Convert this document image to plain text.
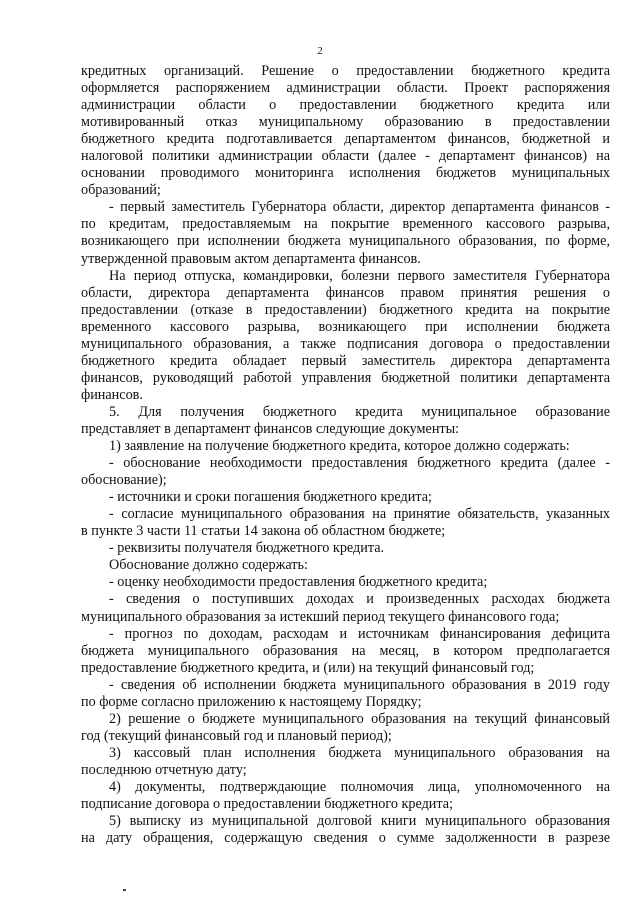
2
кредитных организаций. Решение о предоставлении бюджетного кредита
оформляется распоряжением администрации области. Проект распоряжения
администрации области о предоставлении бюджетного кредита или
мотивированный отказ муниципальному образованию в предоставлении
бюджетного кредита подготавливается департаментом финансов, бюджетной и
налоговой политики администрации области (далее - департамент финансов) на
основании проводимого мониторинга исполнения бюджетов муниципальных
образований;
- первый заместитель Губернатора области, директор департамента финансов -
по кредитам, предоставляемым на покрытие временного кассового разрыва,
возникающего при исполнении бюджета муниципального образования, по форме,
утвержденной правовым актом департамента финансов.
На период отпуска, командировки, болезни первого заместителя Губернатора
области, директора департамента финансов правом принятия решения о
предоставлении (отказе в предоставлении) бюджетного кредита на покрытие
временного кассового разрыва, возникающего при исполнении бюджета
муниципального образования, а также подписания договора о предоставлении
бюджетного кредита обладает первый заместитель директора департамента
финансов, руководящий работой управления бюджетной политики департамента
финансов.
5. Для получения бюджетного кредита муниципальное образование
представляет в департамент финансов следующие документы:
1) заявление на получение бюджетного кредита, которое должно содержать:
- обоснование необходимости предоставления бюджетного кредита (далее -
обоснование);
- источники и сроки погашения бюджетного кредита;
- согласие муниципального образования на принятие обязательств, указанных
в пункте 3 части 11 статьи 14 закона об областном бюджете;
- реквизиты получателя бюджетного кредита.
Обоснование должно содержать:
- оценку необходимости предоставления бюджетного кредита;
- сведения о поступивших доходах и произведенных расходах бюджета
муниципального образования за истекший период текущего финансового года;
- прогноз по доходам, расходам и источникам финансирования дефицита
бюджета муниципального образования на месяц, в котором предполагается
предоставление бюджетного кредита, и (или) на текущий финансовый год;
- сведения об исполнении бюджета муниципального образования в 2019 году
по форме согласно приложению к настоящему Порядку;
2) решение о бюджете муниципального образования на текущий финансовый
год (текущий финансовый год и плановый период);
3) кассовый план исполнения бюджета муниципального образования на
последнюю отчетную дату;
4) документы, подтверждающие полномочия лица, уполномоченного на
подписание договора о предоставлении бюджетного кредита;
5) выписку из муниципальной долговой книги муниципального образования
на дату обращения, содержащую сведения о сумме задолженности в разрезе
